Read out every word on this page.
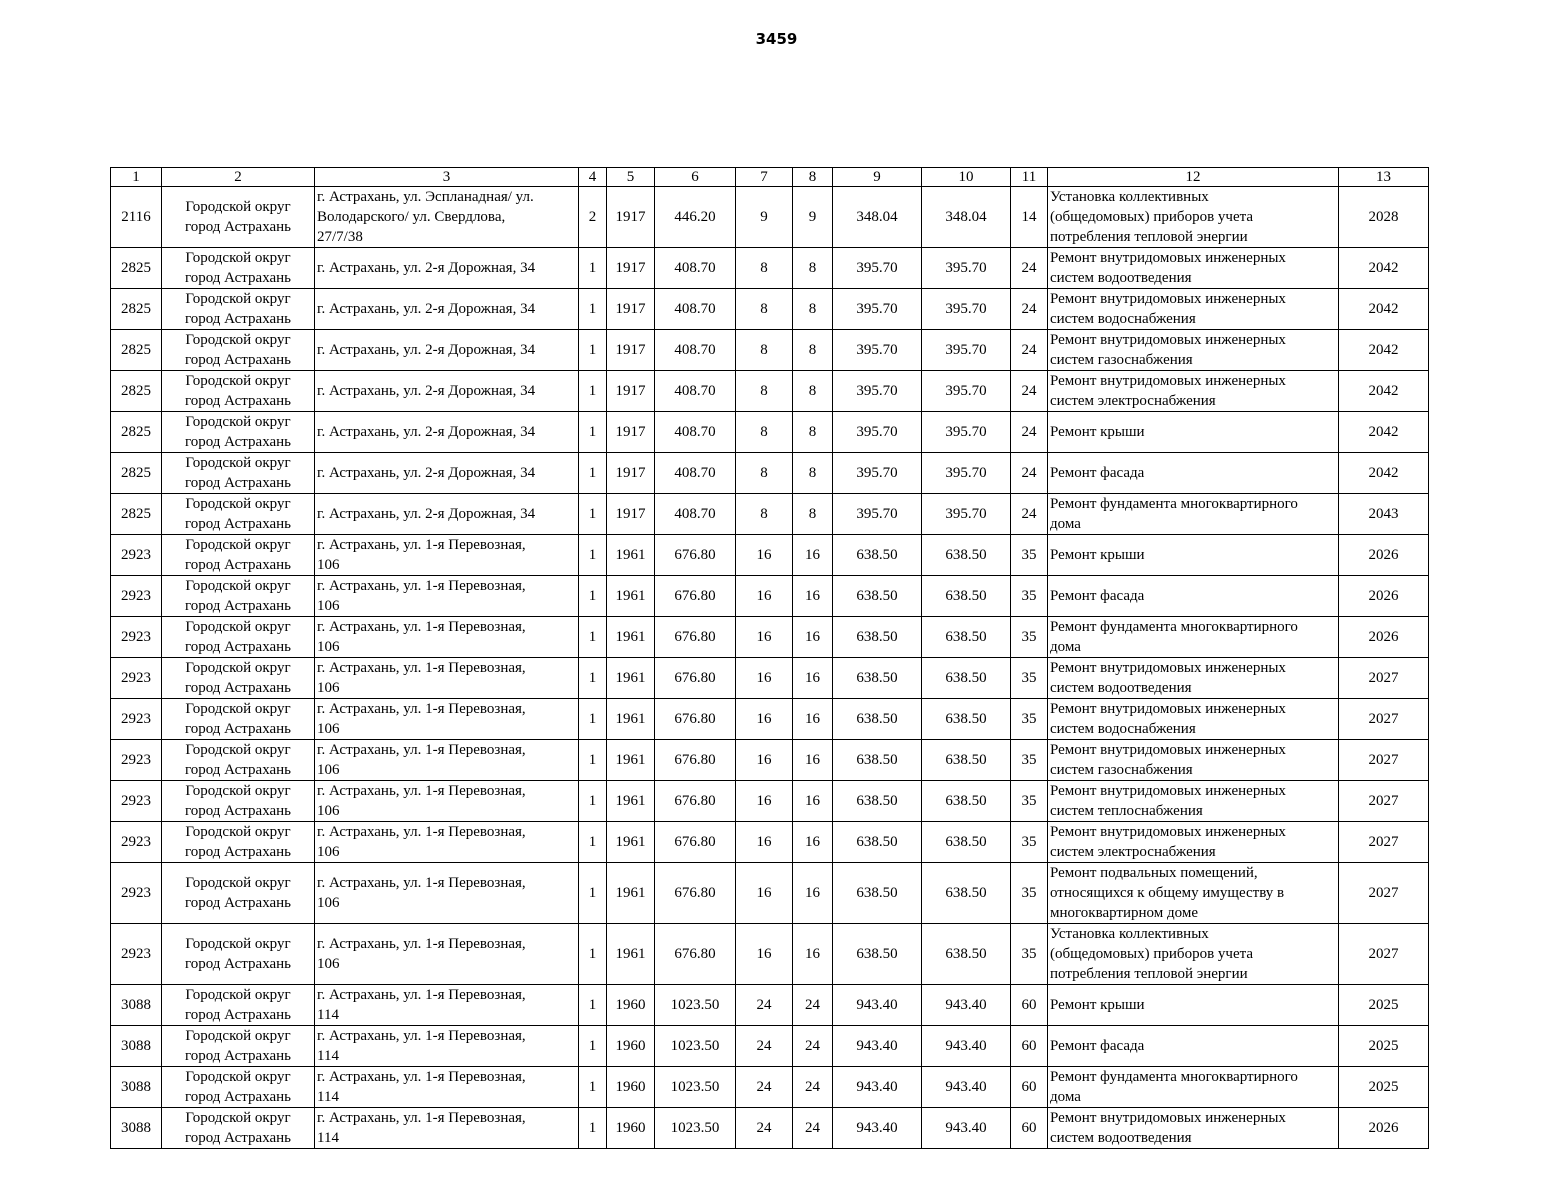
3459
1	2	3	4	5	6	7	8	9	10	11	12	13

2116	Городской округ
город Астрахань	г. Астрахань, ул. Эспланадная/ ул.
Володарского/ ул. Свердлова,
27/7/38	2	1917	446.20	9	9	348.04	348.04	14	Установка коллективных
(общедомовых) приборов учета
потребления тепловой энергии	2028

2825	Городской округ
город Астрахань	г. Астрахань, ул. 2-я Дорожная, 34	1	1917	408.70	8	8	395.70	395.70	24	Ремонт внутридомовых инженерных
систем водоотведения	2042

2825	Городской округ
город Астрахань	г. Астрахань, ул. 2-я Дорожная, 34	1	1917	408.70	8	8	395.70	395.70	24	Ремонт внутридомовых инженерных
систем водоснабжения	2042

2825	Городской округ
город Астрахань	г. Астрахань, ул. 2-я Дорожная, 34	1	1917	408.70	8	8	395.70	395.70	24	Ремонт внутридомовых инженерных
систем газоснабжения	2042

2825	Городской округ
город Астрахань	г. Астрахань, ул. 2-я Дорожная, 34	1	1917	408.70	8	8	395.70	395.70	24	Ремонт внутридомовых инженерных
систем электроснабжения	2042

2825	Городской округ
город Астрахань	г. Астрахань, ул. 2-я Дорожная, 34	1	1917	408.70	8	8	395.70	395.70	24	Ремонт крыши	2042

2825	Городской округ
город Астрахань	г. Астрахань, ул. 2-я Дорожная, 34	1	1917	408.70	8	8	395.70	395.70	24	Ремонт фасада	2042

2825	Городской округ
город Астрахань	г. Астрахань, ул. 2-я Дорожная, 34	1	1917	408.70	8	8	395.70	395.70	24	Ремонт фундамента многоквартирного
дома	2043

2923	Городской округ
город Астрахань	г. Астрахань, ул. 1-я Перевозная,
106	1	1961	676.80	16	16	638.50	638.50	35	Ремонт крыши	2026

2923	Городской округ
город Астрахань	г. Астрахань, ул. 1-я Перевозная,
106	1	1961	676.80	16	16	638.50	638.50	35	Ремонт фасада	2026

2923	Городской округ
город Астрахань	г. Астрахань, ул. 1-я Перевозная,
106	1	1961	676.80	16	16	638.50	638.50	35	Ремонт фундамента многоквартирного
дома	2026

2923	Городской округ
город Астрахань	г. Астрахань, ул. 1-я Перевозная,
106	1	1961	676.80	16	16	638.50	638.50	35	Ремонт внутридомовых инженерных
систем водоотведения	2027

2923	Городской округ
город Астрахань	г. Астрахань, ул. 1-я Перевозная,
106	1	1961	676.80	16	16	638.50	638.50	35	Ремонт внутридомовых инженерных
систем водоснабжения	2027

2923	Городской округ
город Астрахань	г. Астрахань, ул. 1-я Перевозная,
106	1	1961	676.80	16	16	638.50	638.50	35	Ремонт внутридомовых инженерных
систем газоснабжения	2027

2923	Городской округ
город Астрахань	г. Астрахань, ул. 1-я Перевозная,
106	1	1961	676.80	16	16	638.50	638.50	35	Ремонт внутридомовых инженерных
систем теплоснабжения	2027

2923	Городской округ
город Астрахань	г. Астрахань, ул. 1-я Перевозная,
106	1	1961	676.80	16	16	638.50	638.50	35	Ремонт внутридомовых инженерных
систем электроснабжения	2027

2923	Городской округ
город Астрахань	г. Астрахань, ул. 1-я Перевозная,
106	1	1961	676.80	16	16	638.50	638.50	35	Ремонт подвальных помещений,
относящихся к общему имуществу в
многоквартирном доме	2027

2923	Городской округ
город Астрахань	г. Астрахань, ул. 1-я Перевозная,
106	1	1961	676.80	16	16	638.50	638.50	35	Установка коллективных
(общедомовых) приборов учета
потребления тепловой энергии	2027

3088	Городской округ
город Астрахань	г. Астрахань, ул. 1-я Перевозная,
114	1	1960	1023.50	24	24	943.40	943.40	60	Ремонт крыши	2025

3088	Городской округ
город Астрахань	г. Астрахань, ул. 1-я Перевозная,
114	1	1960	1023.50	24	24	943.40	943.40	60	Ремонт фасада	2025

3088	Городской округ
город Астрахань	г. Астрахань, ул. 1-я Перевозная,
114	1	1960	1023.50	24	24	943.40	943.40	60	Ремонт фундамента многоквартирного
дома	2025

3088	Городской округ
город Астрахань	г. Астрахань, ул. 1-я Перевозная,
114	1	1960	1023.50	24	24	943.40	943.40	60	Ремонт внутридомовых инженерных
систем водоотведения	2026
